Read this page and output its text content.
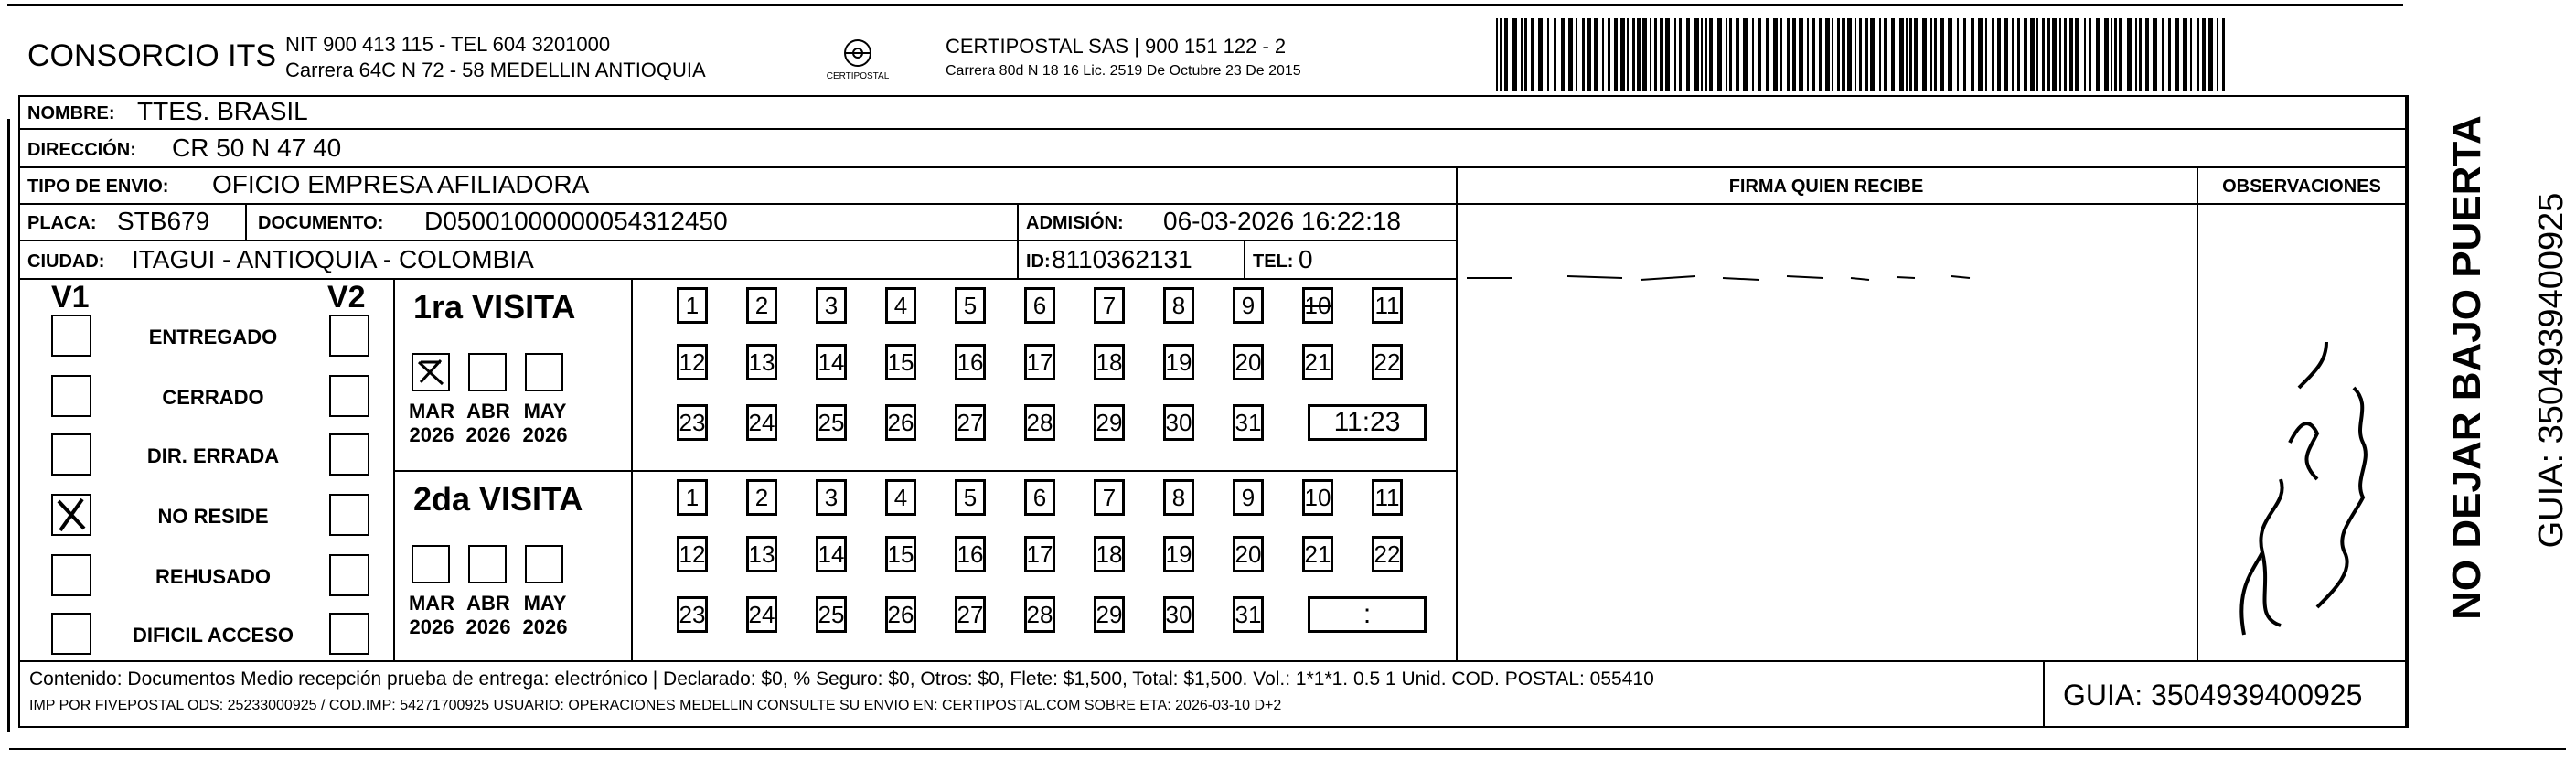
CONSORCIO ITS NIT 900 413 115 - TEL 604 3201000
Carrera 64C N 72 - 58 MEDELLIN ANTIOQUIA	CERTIPOSTAL
CERTIPOSTAL SAS | 900 151 122 - 2
Carrera 80d N 18 16 Lic. 2519 De Octubre 23 De 2015
NOMBRE: TTES. BRASIL
DIRECCIÓN: CR 50 N 47 40
TIPO DE ENVIO: OFICIO EMPRESA AFILIADORA	FIRMA QUIEN RECIBE	OBSERVACIONES
PLACA: STB679	DOCUMENTO: D050010000000543124​50	ADMISIÓN: 06-03-2026 16:22:18
CIUDAD: ITAGUI - ANTIOQUIA - COLOMBIA	ID: 8110362131	TEL: 0
V1	V2
ENTREGADO
CERRADO
DIR. ERRADA
NO RESIDE
REHUSADO
DIFICIL ACCESO
1ra VISITA
MAR
2026
ABR
2026
MAY
2026
1	2	3	4	5	6	7	8	9	10 11
12 13 14 15 16 17 18 19 20 21 22
23 24 25 26 27 28 29 30 31	11:23
2da VISITA
MAR
2026
ABR
2026
MAY
2026
1	2	3	4	5	6	7	8	9	10 11
12 13 14 15 16 17 18 19 20 21 22
23 24 25 26 27 28 29 30 31	:
Contenido: Documentos Medio recepción prueba de entrega: electrónico | Declarado: $0, % Seguro: $0, Otros: $0, Flete: $1,500, Total: $1,500. Vol.: 1*1*1. 0.5 1 Unid. COD. POSTAL: 055410
IMP POR FIVEPOSTAL ODS: 25233000925 / COD.IMP: 54271700925 USUARIO: OPERACIONES MEDELLIN CONSULTE SU ENVIO EN: CERTIPOSTAL.COM SOBRE ETA: 2026-03-10 D+2	GUIA: 3504939400925
NO DEJAR BAJO PUERTA GUIA: 3504939400925
